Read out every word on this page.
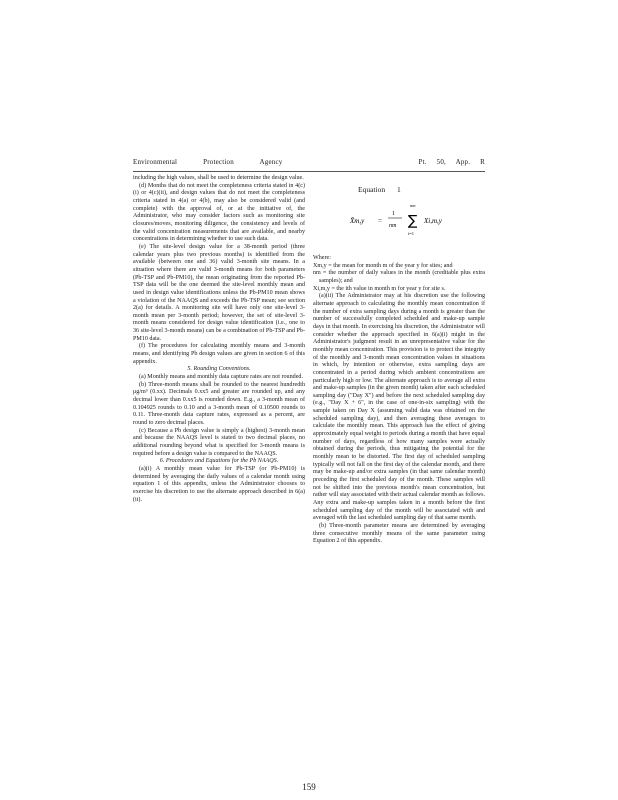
Environmental Protection Agency	Pt. 50, App. R

including the high values, shall be used to determine the design value.

(d) Months that do not meet the completeness criteria stated in 4(c)(i) or 4(c)(ii), and design values that do not meet the completeness criteria stated in 4(a) or 4(b), may also be considered valid (and complete) with the approval of, or at the initiative of, the Administrator, who may consider factors such as monitoring site closures/moves, monitoring diligence, the consistency and levels of the valid concentration measurements that are available, and nearby concentrations in determining whether to use such data.

(e) The site-level design value for a 38-month period (three calendar years plus two previous months) is identified from the available (between one and 36) valid 3-month site means. In a situation where there are valid 3-month means for both parameters (Pb-TSP and Pb-PM10), the mean originating from the reported Pb-TSP data will be the one deemed the site-level monthly mean and used in design value identifications unless the Pb-PM10 mean shows a violation of the NAAQS and exceeds the Pb-TSP mean; see section 2(a) for details. A monitoring site will have only one site-level 3-month mean per 3-month period; however, the set of site-level 3-month means considered for design value identification (i.e., one to 36 site-level 3-month means) can be a combination of Pb-TSP and Pb-PM10 data.

(f) The procedures for calculating monthly means and 3-month means, and identifying Pb design values are given in section 6 of this appendix.

5. Rounding Conventions.

(a) Monthly means and monthly data capture rates are not rounded.

(b) Three-month means shall be rounded to the nearest hundredth μg/m³ (0.xx). Decimals 0.xx5 and greater are rounded up, and any decimal lower than 0.xx5 is rounded down. E.g., a 3-month mean of 0.104925 rounds to 0.10 and a 3-month mean of 0.10500 rounds to 0.11. Three-month data capture rates, expressed as a percent, are round to zero decimal places.

(c) Because a Pb design value is simply a (highest) 3-month mean and because the NAAQS level is stated to two decimal places, no additional rounding beyond what is specified for 3-month means is required before a design value is compared to the NAAQS.

6. Procedures and Equations for the Pb NAAQS.

(a)(i) A monthly mean value for Pb-TSP (or Pb-PM10) is determined by averaging the daily values of a calendar month using equation 1 of this appendix, unless the Administrator chooses to exercise his discretion to use the alternate approach described in 6(a)(ii).

Equation 1
X̄m,y =
1
nm
nm
∑
i=1
Xi,m,y

Where:

Xm,y = the mean for month m of the year y for sites; and

nm = the number of daily values in the month (creditable plus extra samples); and

Xi,m,y = the ith value in month m for year y for site s.

(a)(ii) The Administrator may at his discretion use the following alternate approach to calculating the monthly mean concentration if the number of extra sampling days during a month is greater than the number of successfully completed scheduled and make-up sample days in that month. In exercising his discretion, the Administrator will consider whether the approach specified in 6(a)(i) might in the Administrator's judgment result in an unrepresentative value for the monthly mean concentration. This provision is to protect the integrity of the monthly and 3-month mean concentration values in situations in which, by intention or otherwise, extra sampling days are concentrated in a period during which ambient concentrations are particularly high or low. The alternate approach is to average all extra and make-up samples (in the given month) taken after each scheduled sampling day ("Day X") and before the next scheduled sampling day (e.g., "Day X + 6", in the case of one-in-six sampling) with the sample taken on Day X (assuming valid data was obtained on the scheduled sampling day), and then averaging these averages to calculate the monthly mean. This approach has the effect of giving approximately equal weight to periods during a month that have equal number of days, regardless of how many samples were actually obtained during the periods, thus mitigating the potential for the monthly mean to be distorted. The first day of scheduled sampling typically will not fall on the first day of the calendar month, and there may be make-up and/or extra samples (in that same calendar month) preceding the first scheduled day of the month. These samples will not be shifted into the previous month's mean concentration, but rather will stay associated with their actual calendar month as follows. Any extra and make-up samples taken in a month before the first scheduled sampling day of the month will be associated with and averaged with the last scheduled sampling day of that same month.

(b) Three-month parameter means are determined by averaging three consecutive monthly means of the same parameter using Equation 2 of this appendix.

159
